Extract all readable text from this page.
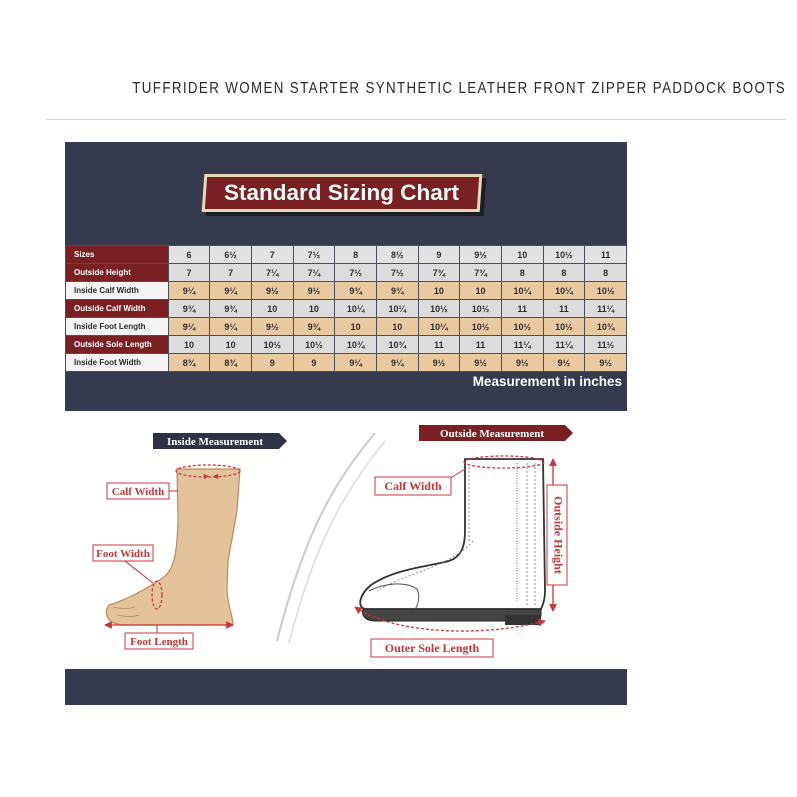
TUFFRIDER WOMEN STARTER SYNTHETIC LEATHER FRONT ZIPPER PADDOCK BOOTS
Standard Sizing Chart
Sizes	6	6½	7	7½	8	8½	9	9½	10	10½	11
Outside Height	7	7	7¼	7¼	7½	7½	7¾	7¾	8	8	8
Inside Calf Width	9¼	9¼	9½	9½	9¾	9¾	10	10	10¼	10¼	10½
Outside Calf Width	9¾	9¾	10	10	10¼	10¼	10½	10½	11	11	11¼
Inside Foot Length	9¼	9¼	9½	9¾	10	10	10¼	10½	10½	10½	10¾
Outside Sole Length	10	10	10½	10½	10¾	10¾	11	11	11¼	11¼	11½
Inside Foot Width	8¾	8¾	9	9	9¼	9¼	9½	9½	9½	9½	9½
Measurement in inches
Inside Measurement
►◄
Calf Width
Foot Width
Foot Length
Outside Measurement
Calf Width
Outside Height
Outer Sole Length
